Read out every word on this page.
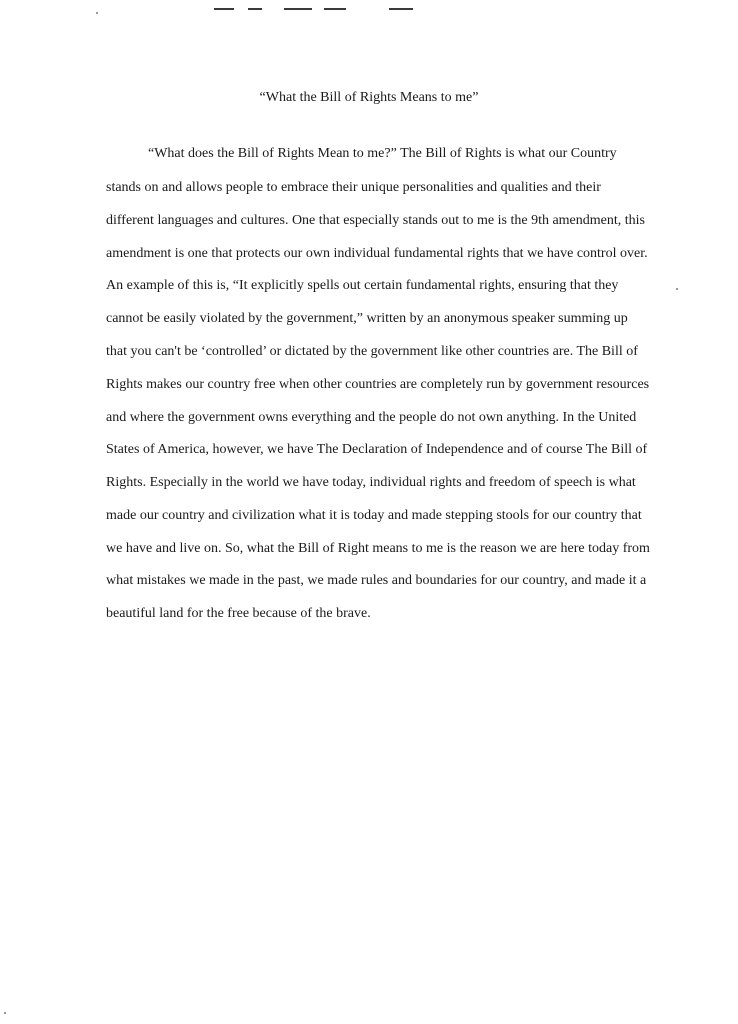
“What the Bill of Rights Means to me”
“What does the Bill of Rights Mean to me?” The Bill of Rights is what our Country
stands on and allows people to embrace their unique personalities and qualities and their
different languages and cultures. One that especially stands out to me is the 9th amendment, this
amendment is one that protects our own individual fundamental rights that we have control over.
An example of this is, “It explicitly spells out certain fundamental rights, ensuring that they
cannot be easily violated by the government,” written by an anonymous speaker summing up
that you can't be ‘controlled’ or dictated by the government like other countries are. The Bill of
Rights makes our country free when other countries are completely run by government resources
and where the government owns everything and the people do not own anything. In the United
States of America, however, we have The Declaration of Independence and of course The Bill of
Rights. Especially in the world we have today, individual rights and freedom of speech is what
made our country and civilization what it is today and made stepping stools for our country that
we have and live on. So, what the Bill of Right means to me is the reason we are here today from
what mistakes we made in the past, we made rules and boundaries for our country, and made it a
beautiful land for the free because of the brave.
